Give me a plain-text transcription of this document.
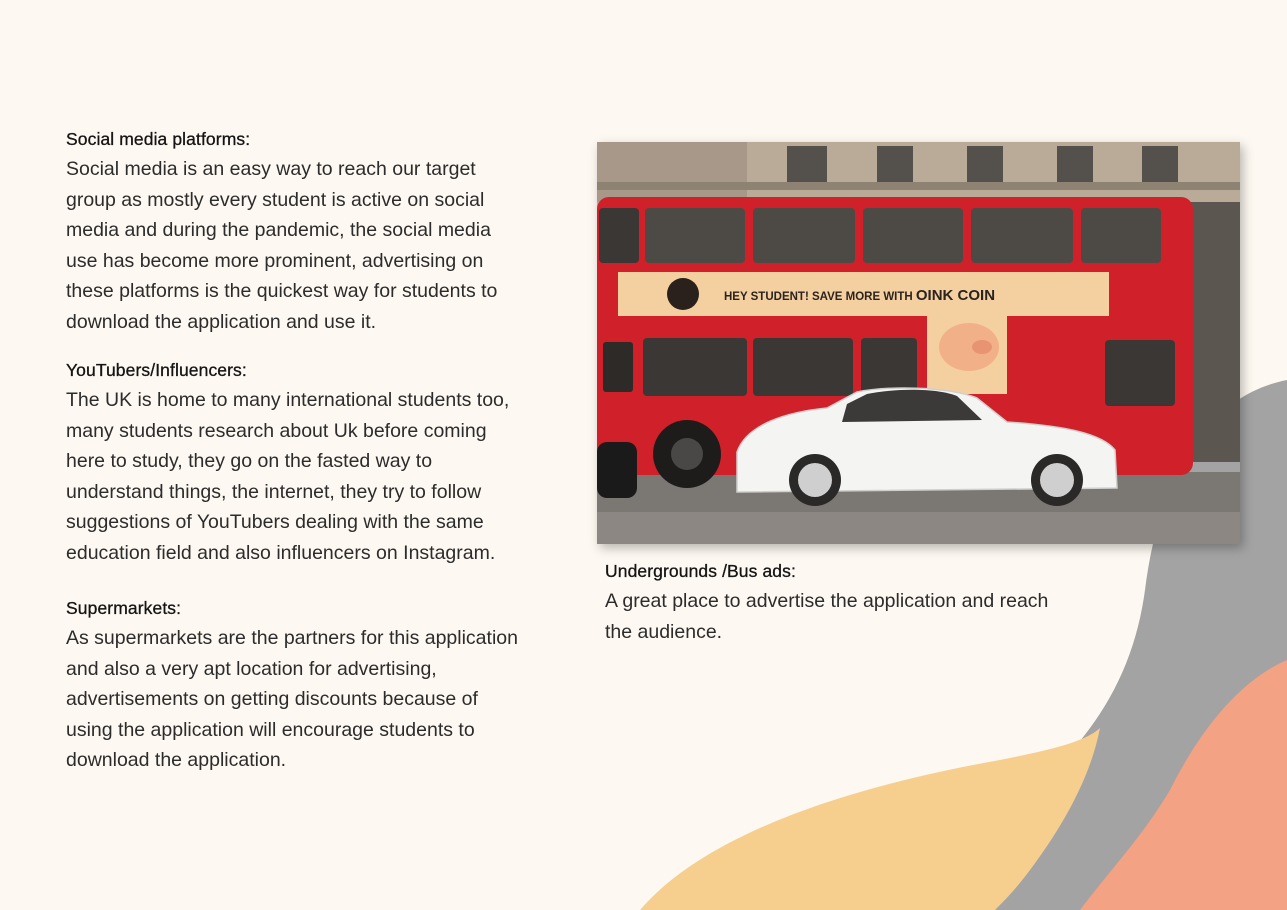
Social media platforms:

Social media is an easy way to reach our target
group as mostly every student is active on social
media and during the pandemic, the social media
use has become more prominent, advertising on
these platforms is the quickest way for students to
download the application and use it.

YouTubers/Influencers:

The UK is home to many international students too,
many students research about Uk before coming
here to study, they go on the fasted way to
understand things, the internet, they try to follow
suggestions of YouTubers dealing with the same
education field and also influencers on Instagram.

Supermarkets:

As supermarkets are the partners for this application
and also a very apt location for advertising,
advertisements on getting discounts because of
using the application will encourage students to
download the application.

HEY STUDENT! SAVE MORE WITH OINK COIN
Undergrounds /Bus ads:

A great place to advertise the application and reach
the audience.
